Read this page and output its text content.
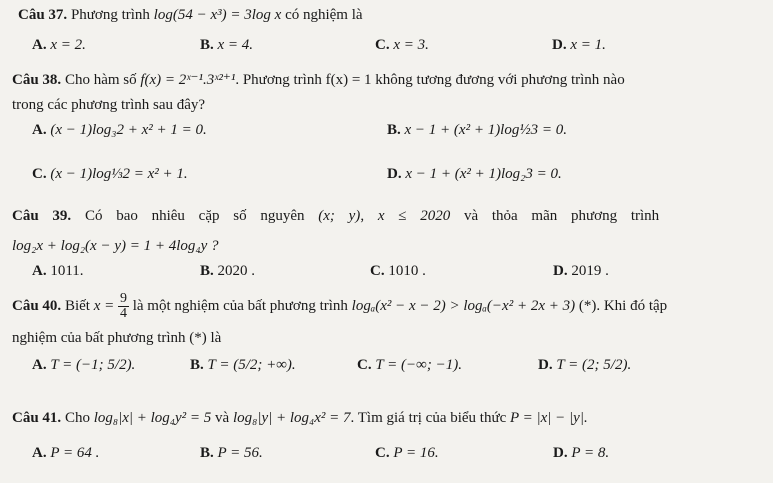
Câu 37. Phương trình log(54 − x³) = 3log x có nghiệm là
A. x = 2.	B. x = 4.	C. x = 3.	D. x = 1.
Câu 38. Cho hàm số f(x) = 2ˣ⁻¹.3ˣ²⁺¹. Phương trình f(x) = 1 không tương đương với phương trình nào
trong các phương trình sau đây?
A. (x − 1)log₃2 + x² + 1 = 0.	B. x − 1 + (x² + 1)log½3 = 0.
C. (x − 1)log⅓2 = x² + 1.	D. x − 1 + (x² + 1)log₂3 = 0.
Câu 39. Có bao nhiêu cặp số nguyên (x; y), x ≤ 2020 và thỏa mãn phương trình
log₂x + log₂(x − y) = 1 + 4log₄y ?
A. 1011.	B. 2020 .	C. 1010 .	D. 2019 .
Câu 40. Biết $x = \frac{9}{4}$ là một nghiệm của bất phương trình logₐ(x² − x − 2) > logₐ(−x² + 2x + 3) (*). Khi đó tập
nghiệm của bất phương trình (*) là
A. T = (−1; 5/2).	B. T = (5/2; +∞).	C. T = (−∞; −1).	D. T = (2; 5/2).
Câu 41. Cho log₈|x| + log₄y² = 5 và log₈|y| + log₄x² = 7. Tìm giá trị của biểu thức P = |x| − |y|.
A. P = 64 .	B. P = 56.	C. P = 16.	D. P = 8.
